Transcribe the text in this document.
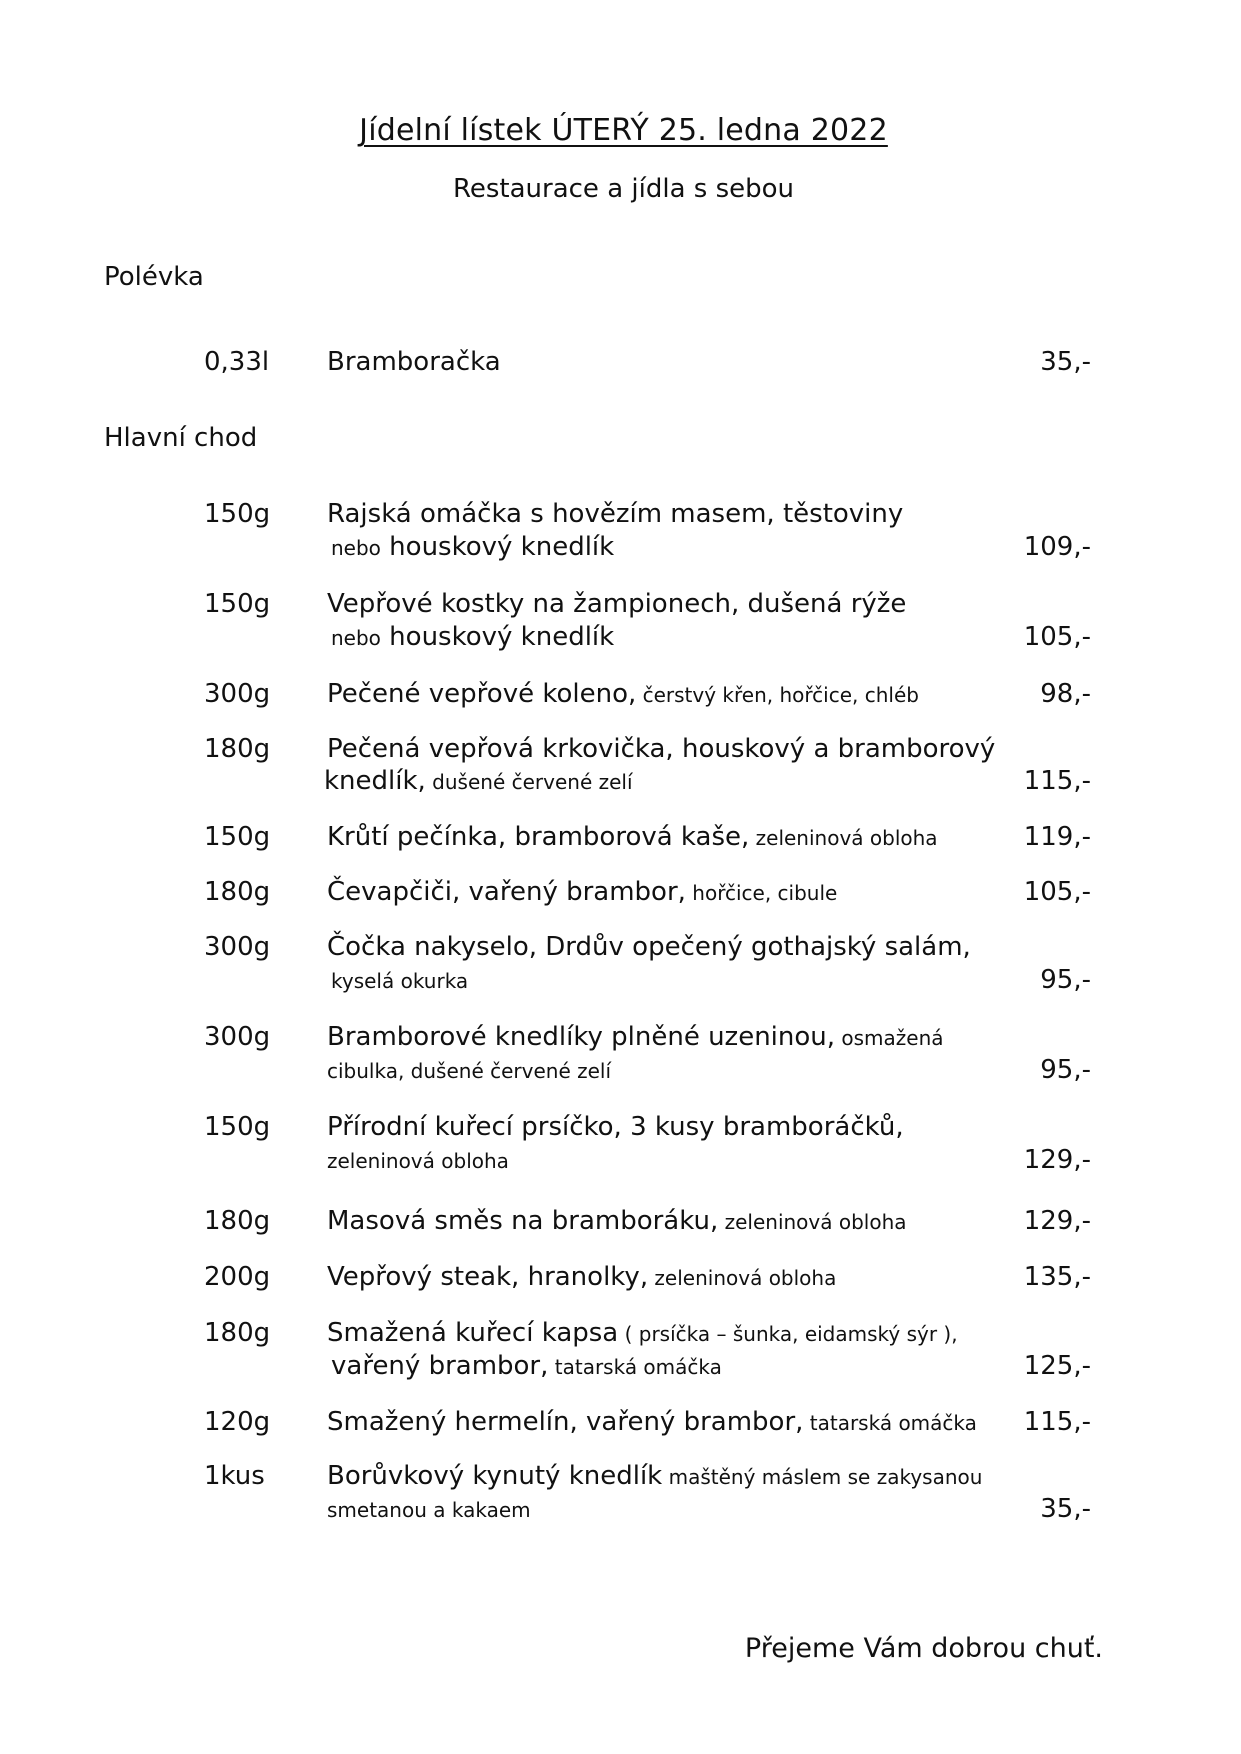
Jídelní lístek ÚTERÝ 25. ledna 2022
Restaurace a jídla s sebou
Polévka
0,33l Bramboračka	35,-
Hlavní chod
150g Rajská omáčka s hovězím masem, těstoviny
nebo houskový knedlík	109,-
150g Vepřové kostky na žampionech, dušená rýže
nebo houskový knedlík	105,-
300g Pečené vepřové koleno, čerstvý křen, hořčice, chléb	98,-
180g Pečená vepřová krkovička, houskový a bramborový
knedlík, dušené červené zelí	115,-
150g Krůtí pečínka, bramborová kaše, zeleninová obloha	119,-
180g Čevapčiči, vařený brambor, hořčice, cibule	105,-
300g Čočka nakyselo, Drdův opečený gothajský salám,
kyselá okurka	95,-
300g Bramborové knedlíky plněné uzeninou, osmažená
cibulka, dušené červené zelí	95,-
150g Přírodní kuřecí prsíčko, 3 kusy bramboráčků,
zeleninová obloha	129,-
180g Masová směs na bramboráku, zeleninová obloha	129,-
200g Vepřový steak, hranolky, zeleninová obloha	135,-
180g Smažená kuřecí kapsa ( prsíčka – šunka, eidamský sýr ),
vařený brambor, tatarská omáčka	125,-
120g Smažený hermelín, vařený brambor, tatarská omáčka 115,-
1kus Borůvkový kynutý knedlík maštěný máslem se zakysanou
smetanou a kakaem	35,-
Přejeme Vám dobrou chuť.
